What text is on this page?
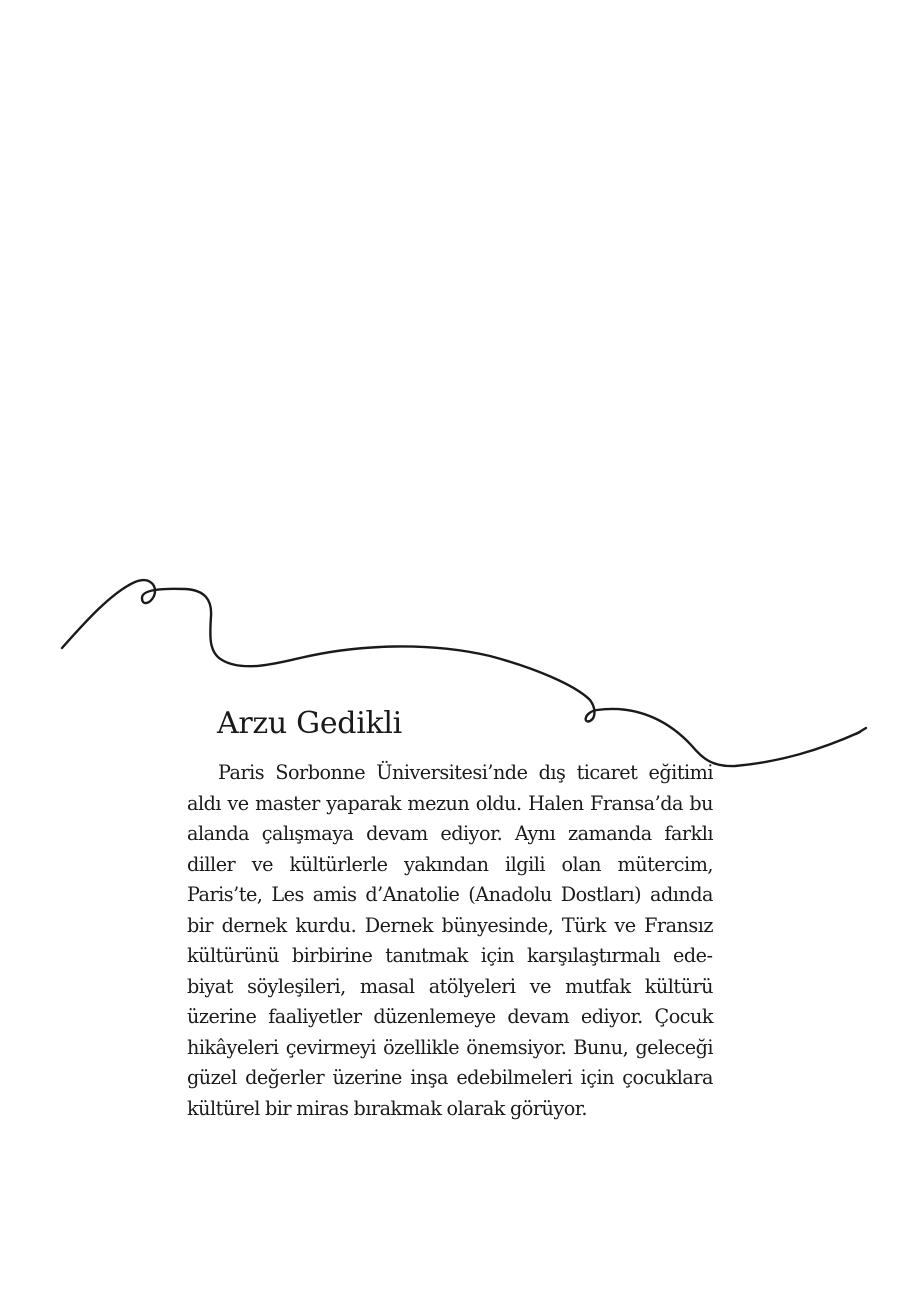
Arzu Gedikli

Paris Sorbonne Üniversitesi’nde dış ticaret eğitimi aldı ve master yaparak mezun oldu. Halen Fransa’da bu alanda çalışmaya devam ediyor. Aynı zamanda farklı diller ve kültürlerle yakından ilgili olan mütercim, Paris’te, Les amis d’Anatolie (Anadolu Dostları) adında bir dernek kurdu. Dernek bünyesinde, Türk ve Fransız kültürünü birbirine tanıtmak için karşılaştırmalı edebiyat söyleşileri, masal atölyeleri ve mutfak kültürü üzerine faaliyetler düzenlemeye devam ediyor. Çocuk hikâyeleri çevirmeyi özellikle önemsiyor. Bunu, geleceği güzel değerler üzerine inşa edebilmeleri için çocuklara kültürel bir miras bırakmak olarak görüyor.
